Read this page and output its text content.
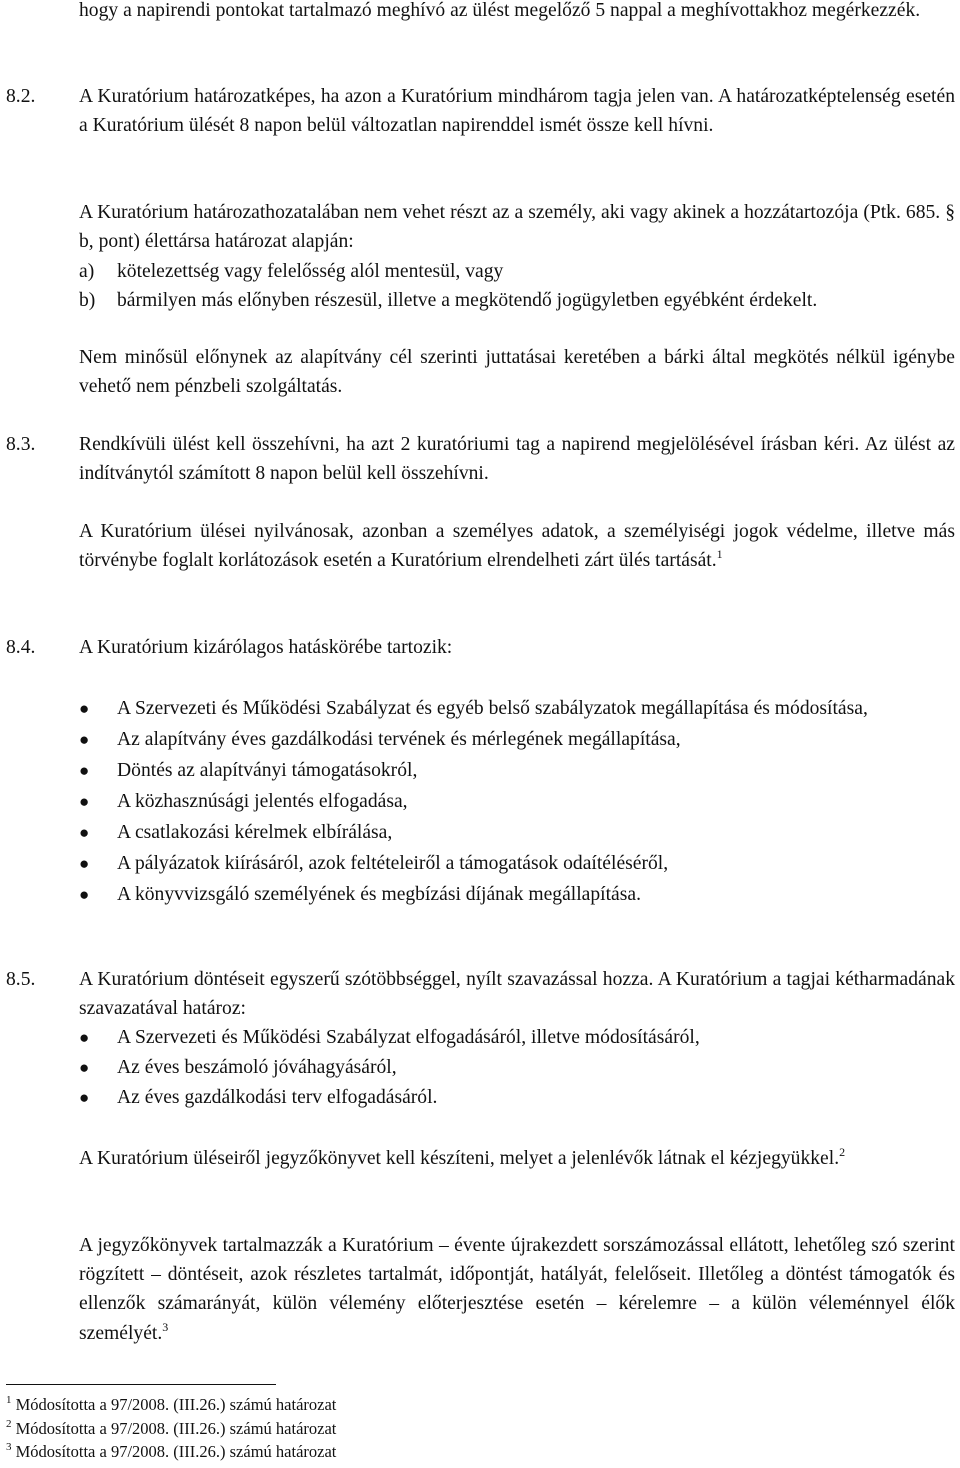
hogy a napirendi pontokat tartalmazó meghívó az ülést megelőző 5 nappal a meghívottakhoz megérkezzék.

8.2. A Kuratórium határozatképes, ha azon a Kuratórium mindhárom tagja jelen van. A határozatképtelenség esetén a Kuratórium ülését 8 napon belül változatlan napirenddel ismét össze kell hívni.

A Kuratórium határozathozatalában nem vehet részt az a személy, aki vagy akinek a hozzátartozója (Ptk. 685. § b, pont) élettársa határozat alapján:

a) kötelezettség vagy felelősség alól mentesül, vagy
b) bármilyen más előnyben részesül, illetve a megkötendő jogügyletben egyébként érdekelt.

Nem minősül előnynek az alapítvány cél szerinti juttatásai keretében a bárki által megkötés nélkül igénybe vehető nem pénzbeli szolgáltatás.

8.3. Rendkívüli ülést kell összehívni, ha azt 2 kuratóriumi tag a napirend megjelölésével írásban kéri. Az ülést az indítványtól számított 8 napon belül kell összehívni.

A Kuratórium ülései nyilvánosak, azonban a személyes adatok, a személyiségi jogok védelme, illetve más törvénybe foglalt korlátozások esetén a Kuratórium elrendelheti zárt ülés tartását.$^1$

8.4. A Kuratórium kizárólagos hatáskörébe tartozik:

● A Szervezeti és Működési Szabályzat és egyéb belső szabályzatok megállapítása és módosítása,
● Az alapítvány éves gazdálkodási tervének és mérlegének megállapítása,
● Döntés az alapítványi támogatásokról,
● A közhasznúsági jelentés elfogadása,
● A csatlakozási kérelmek elbírálása,
● A pályázatok kiírásáról, azok feltételeiről a támogatások odaítéléséről,
● A könyvvizsgáló személyének és megbízási díjának megállapítása.
8.5. A Kuratórium döntéseit egyszerű szótöbbséggel, nyílt szavazással hozza. A Kuratórium a tagjai kétharmadának szavazatával határoz:

● A Szervezeti és Működési Szabályzat elfogadásáról, illetve módosításáról,
● Az éves beszámoló jóváhagyásáról,
● Az éves gazdálkodási terv elfogadásáról.

A Kuratórium üléseiről jegyzőkönyvet kell készíteni, melyet a jelenlévők látnak el kézjegyükkel.$^2$

A jegyzőkönyvek tartalmazzák a Kuratórium – évente újrakezdett sorszámozással ellátott, lehetőleg szó szerint rögzített – döntéseit, azok részletes tartalmát, időpontját, hatályát, felelőseit. Illetőleg a döntést támogatók és ellenzők számarányát, külön vélemény előterjesztése esetén – kérelemre – a külön véleménnyel élők személyét.$^3$

$^1$ Módosította a 97/2008. (III.26.) számú határozat
$^2$ Módosította a 97/2008. (III.26.) számú határozat
$^3$ Módosította a 97/2008. (III.26.) számú határozat
